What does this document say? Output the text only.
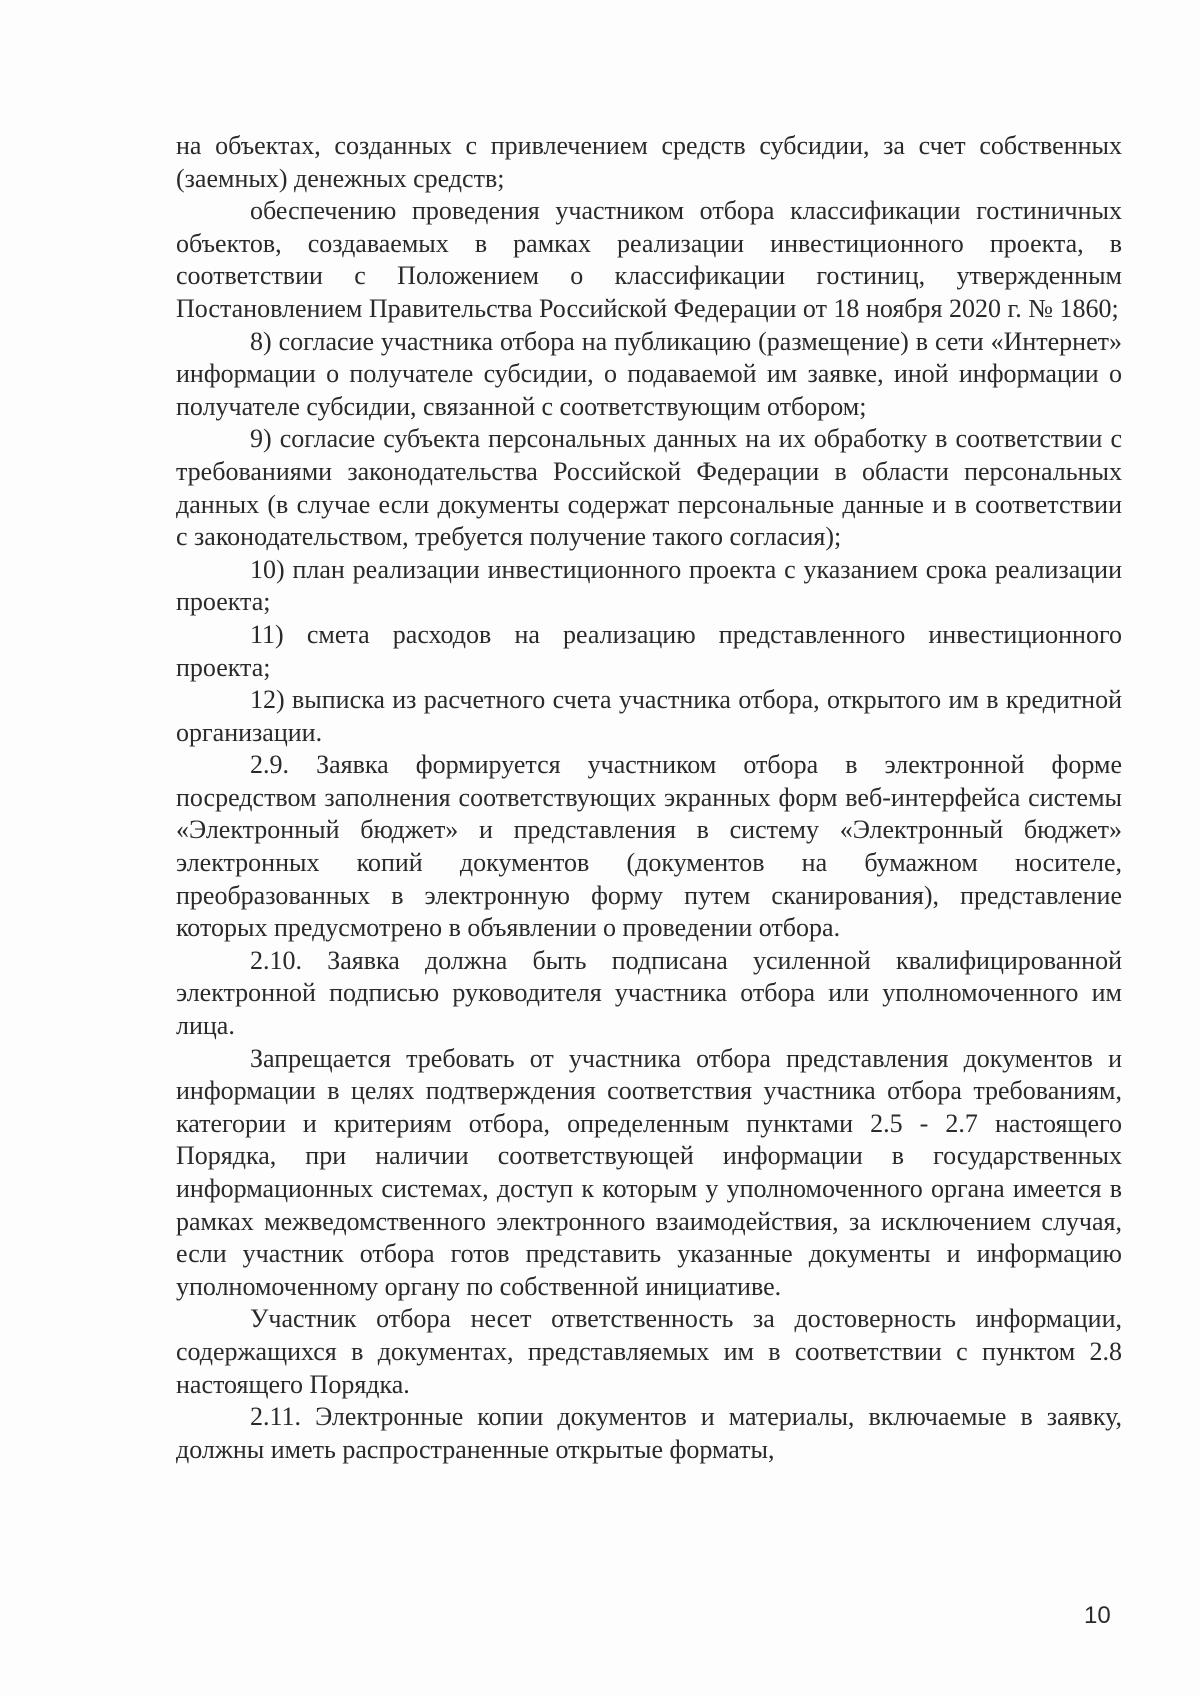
на объектах, созданных с привлечением средств субсидии, за счет собственных (заемных) денежных средств;

обеспечению проведения участником отбора классификации гостиничных объектов, создаваемых в рамках реализации инвестиционного проекта, в соответствии с Положением о классификации гостиниц, утвержденным Постановлением Правительства Российской Федерации от 18 ноября 2020 г. № 1860;

8) согласие участника отбора на публикацию (размещение) в сети «Интернет» информации о получателе субсидии, о подаваемой им заявке, иной информации о получателе субсидии, связанной с соответствующим отбором;

9) согласие субъекта персональных данных на их обработку в соответствии с требованиями законодательства Российской Федерации в области персональных данных (в случае если документы содержат персональные данные и в соответствии с законодательством, требуется получение такого согласия);

10) план реализации инвестиционного проекта с указанием срока реализации проекта;

11) смета расходов на реализацию представленного инвестиционного проекта;

12) выписка из расчетного счета участника отбора, открытого им в кредитной организации.

2.9. Заявка формируется участником отбора в электронной форме посредством заполнения соответствующих экранных форм веб-интерфейса системы «Электронный бюджет» и представления в систему «Электронный бюджет» электронных копий документов (документов на бумажном носителе, преобразованных в электронную форму путем сканирования), представление которых предусмотрено в объявлении о проведении отбора.

2.10. Заявка должна быть подписана усиленной квалифицированной электронной подписью руководителя участника отбора или уполномоченного им лица.

Запрещается требовать от участника отбора представления документов и информации в целях подтверждения соответствия участника отбора требованиям, категории и критериям отбора, определенным пунктами 2.5 - 2.7 настоящего Порядка, при наличии соответствующей информации в государственных информационных системах, доступ к которым у уполномоченного органа имеется в рамках межведомственного электронного взаимодействия, за исключением случая, если участник отбора готов представить указанные документы и информацию уполномоченному органу по собственной инициативе.

Участник отбора несет ответственность за достоверность информации, содержащихся в документах, представляемых им в соответствии с пунктом 2.8 настоящего Порядка.

2.11. Электронные копии документов и материалы, включаемые в заявку, должны иметь распространенные открытые форматы,

10
